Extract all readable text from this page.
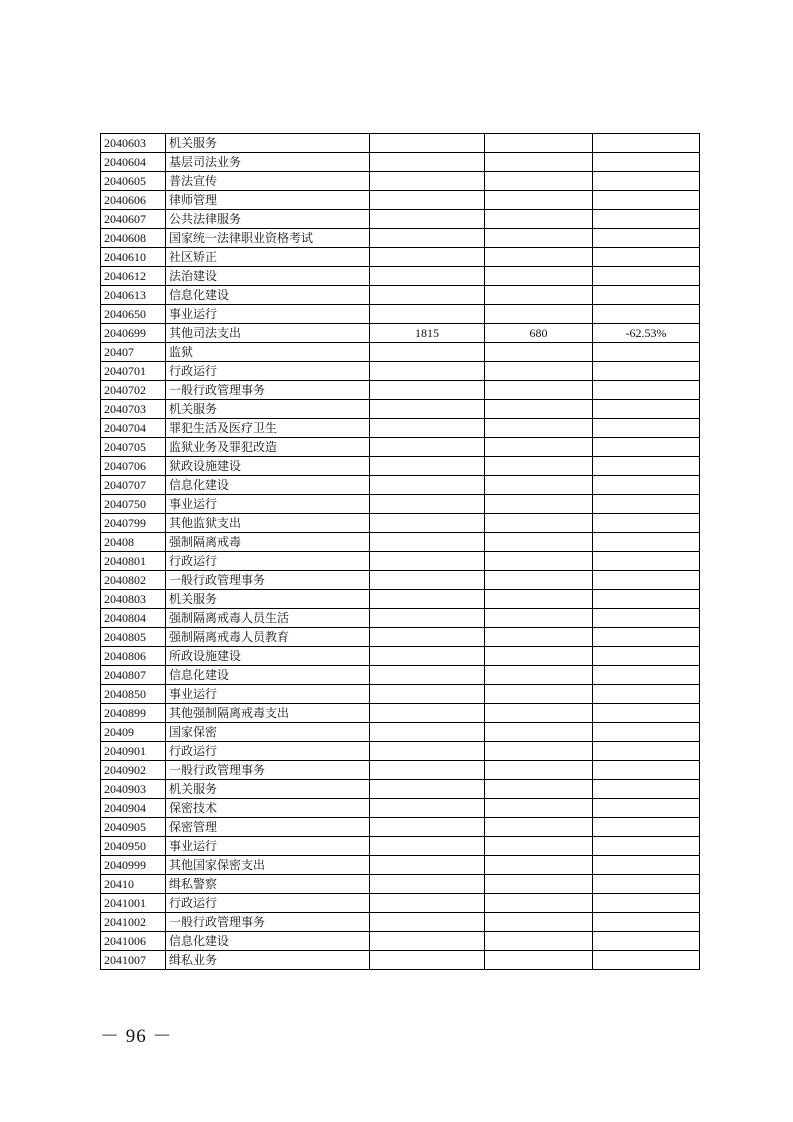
2040603	机关服务			
2040604	基层司法业务			
2040605	普法宣传			
2040606	律师管理			
2040607	公共法律服务			
2040608	国家统一法律职业资格考试			
2040610	社区矫正			
2040612	法治建设			
2040613	信息化建设			
2040650	事业运行			
2040699	其他司法支出	1815	680	-62.53%
20407	监狱			
2040701	行政运行			
2040702	一般行政管理事务			
2040703	机关服务			
2040704	罪犯生活及医疗卫生			
2040705	监狱业务及罪犯改造			
2040706	狱政设施建设			
2040707	信息化建设			
2040750	事业运行			
2040799	其他监狱支出			
20408	强制隔离戒毒			
2040801	行政运行			
2040802	一般行政管理事务			
2040803	机关服务			
2040804	强制隔离戒毒人员生活			
2040805	强制隔离戒毒人员教育			
2040806	所政设施建设			
2040807	信息化建设			
2040850	事业运行			
2040899	其他强制隔离戒毒支出			
20409	国家保密			
2040901	行政运行			
2040902	一般行政管理事务			
2040903	机关服务			
2040904	保密技术			
2040905	保密管理			
2040950	事业运行			
2040999	其他国家保密支出			
20410	缉私警察			
2041001	行政运行			
2041002	一般行政管理事务			
2041006	信息化建设			
2041007	缉私业务			
－ 96 －
